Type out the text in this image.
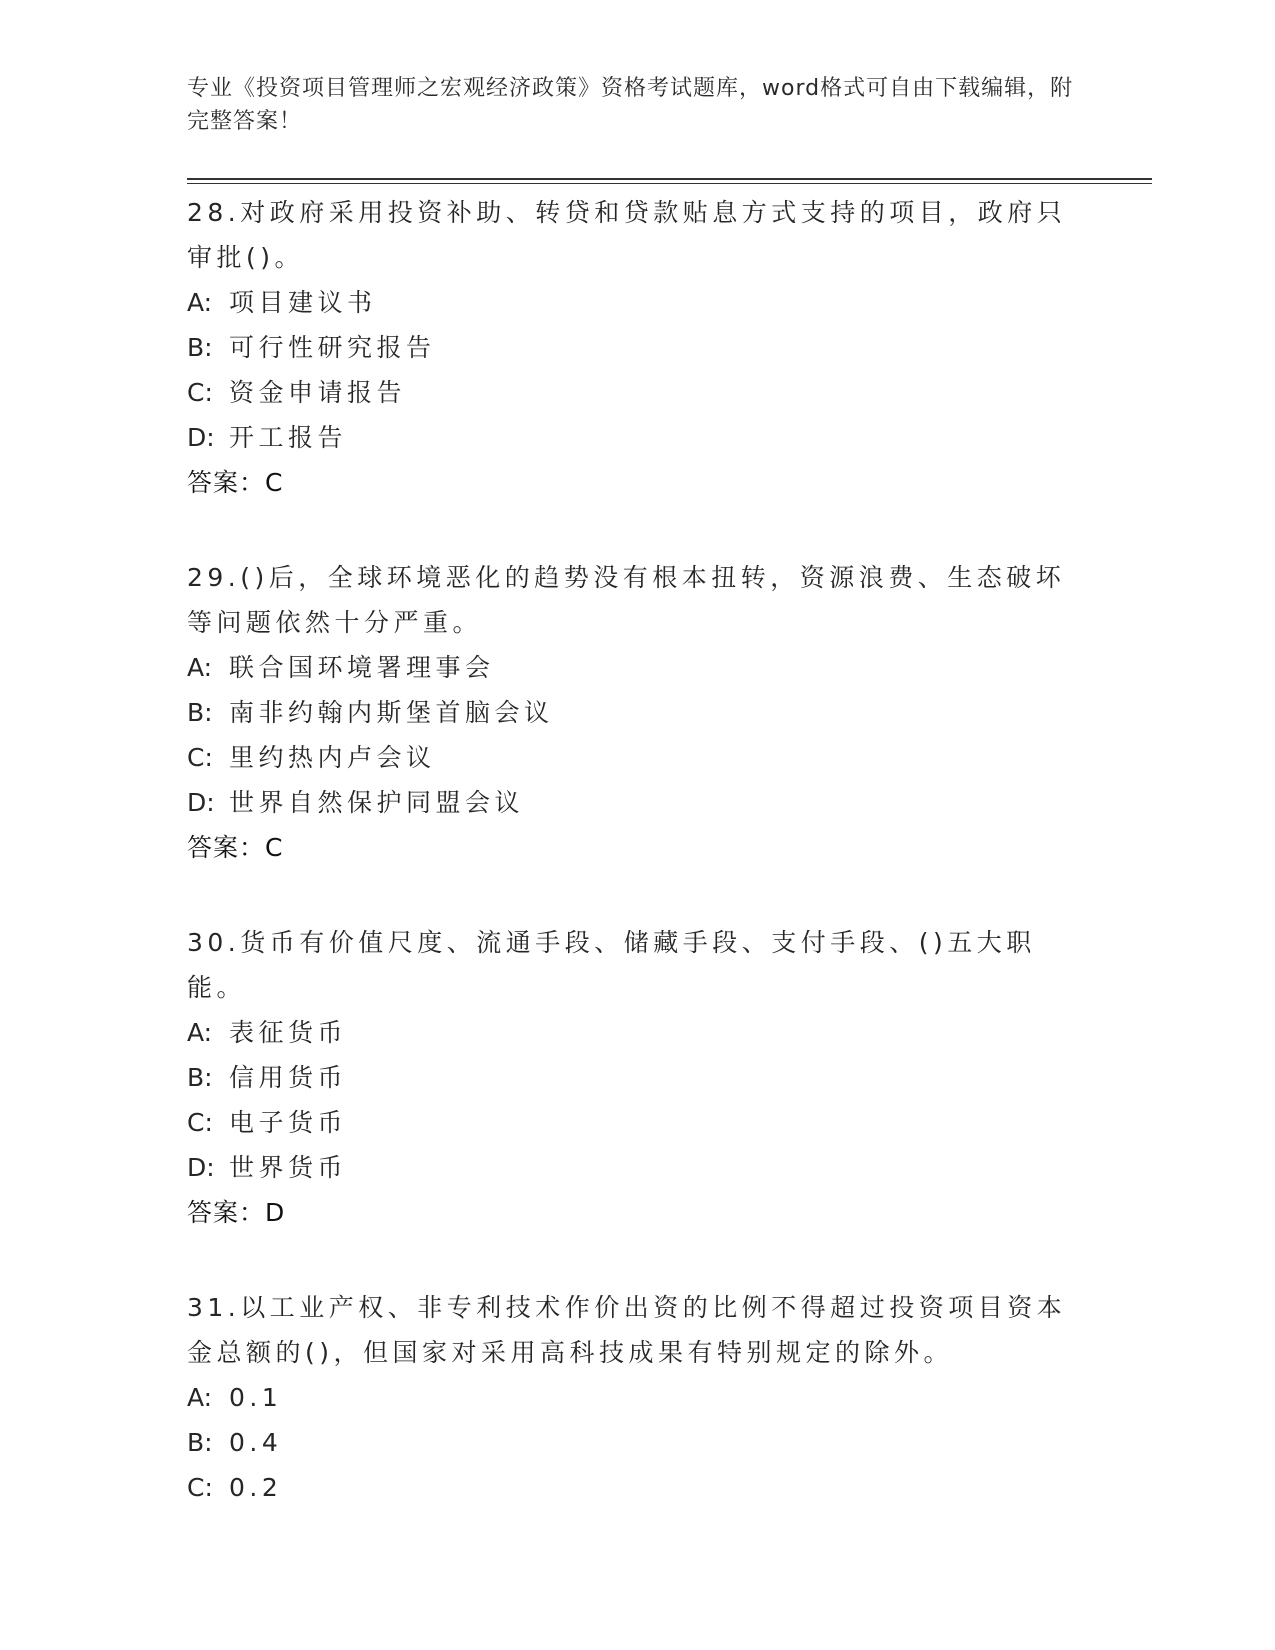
专业《投资项目管理师之宏观经济政策》资格考试题库，word格式可自由下载编辑，附完整答案！
28.对政府采用投资补助、转贷和贷款贴息方式支持的项目，政府只审批()。
A: 项目建议书
B: 可行性研究报告
C: 资金申请报告
D: 开工报告
答案：C
29.()后，全球环境恶化的趋势没有根本扭转，资源浪费、生态破坏等问题依然十分严重。
A: 联合国环境署理事会
B: 南非约翰内斯堡首脑会议
C: 里约热内卢会议
D: 世界自然保护同盟会议
答案：C
30.货币有价值尺度、流通手段、储藏手段、支付手段、()五大职能。
A: 表征货币
B: 信用货币
C: 电子货币
D: 世界货币
答案：D
31.以工业产权、非专利技术作价出资的比例不得超过投资项目资本金总额的()，但国家对采用高科技成果有特别规定的除外。
A: 0.1
B: 0.4
C: 0.2
